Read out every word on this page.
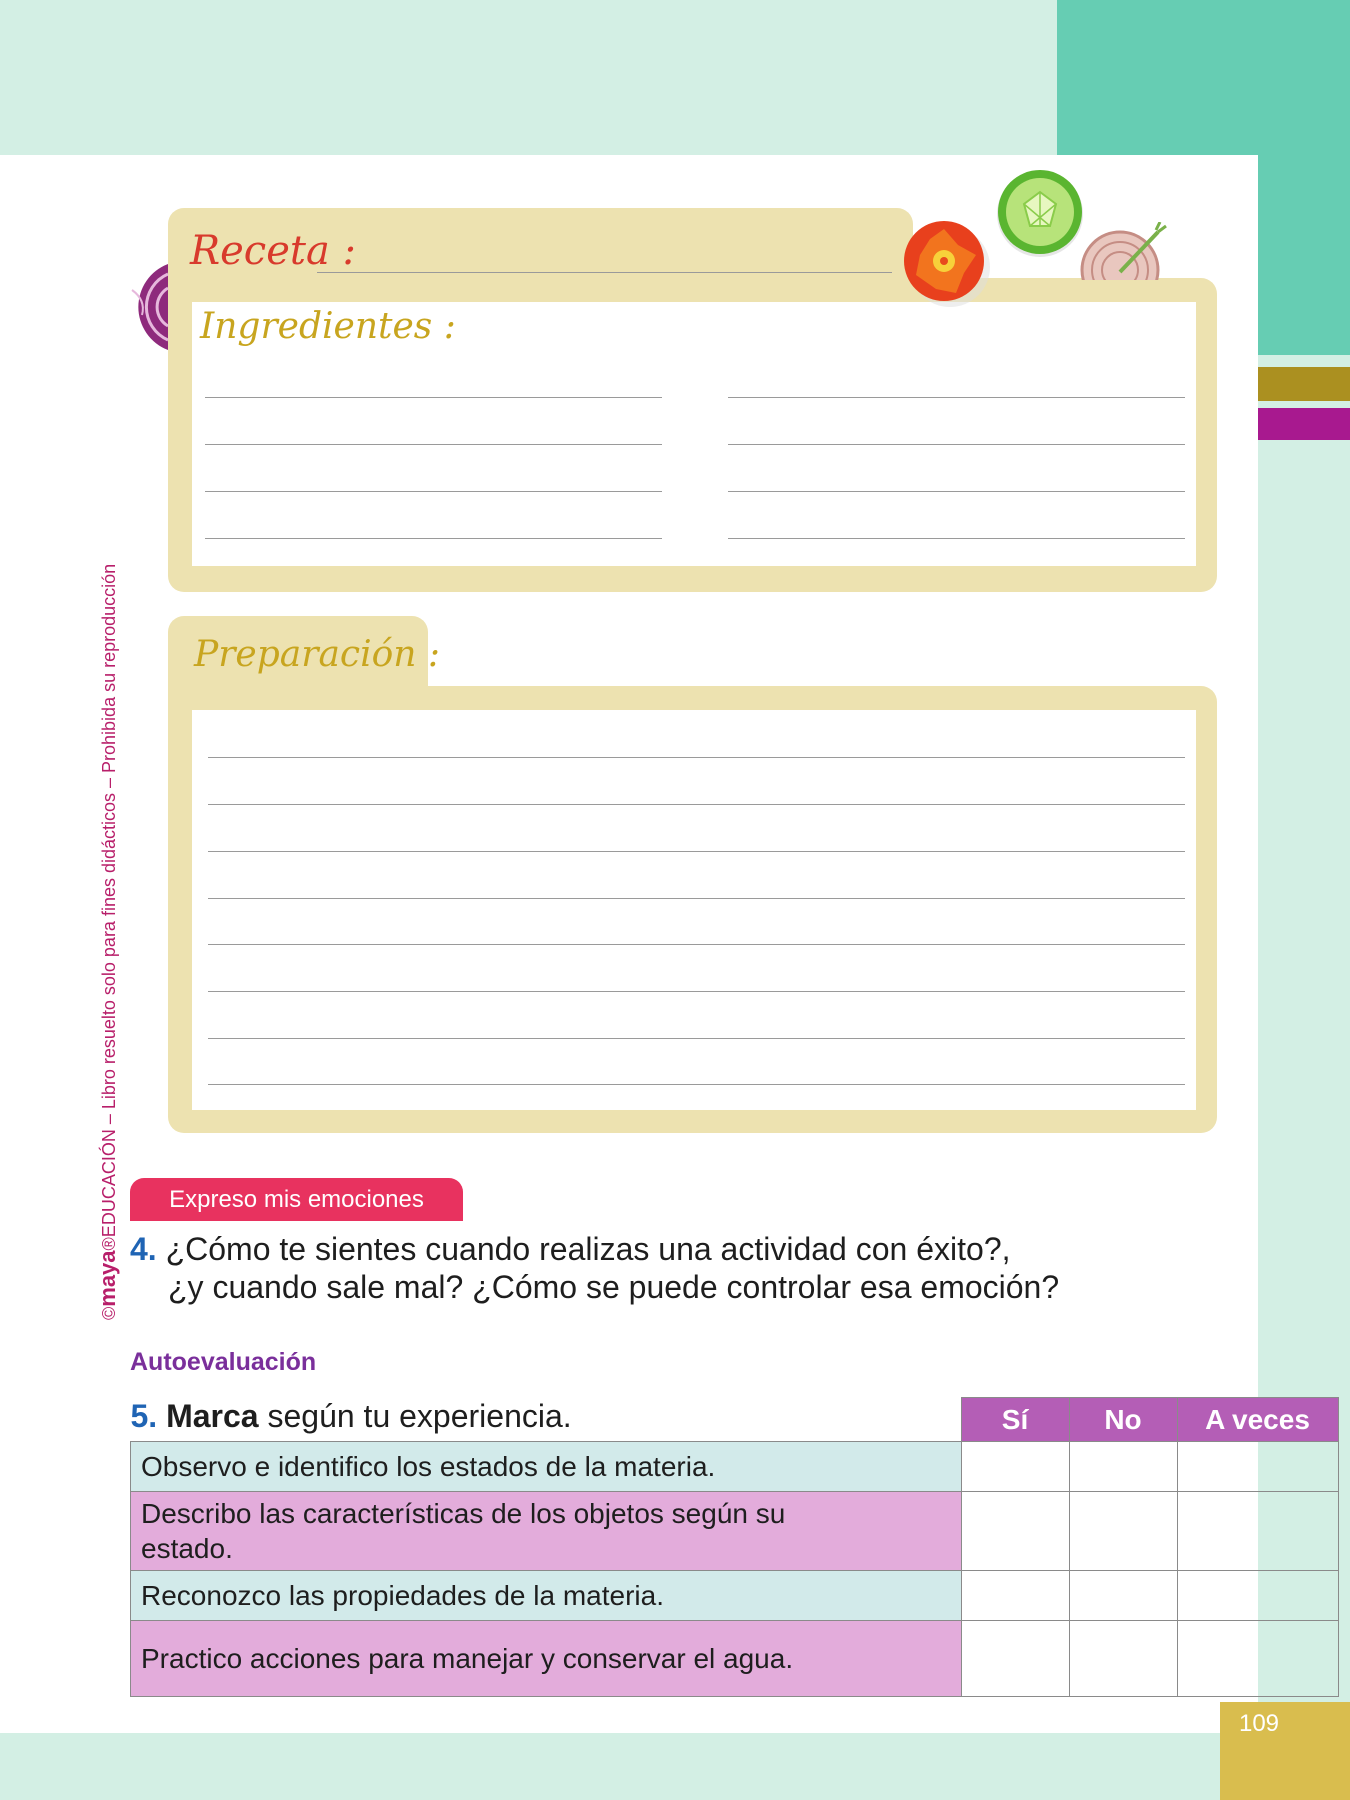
109
©maya®EDUCACIÓN – Libro resuelto solo para fines didácticos – Prohibida su reproducción
Receta :
Ingredientes :
Preparación :
Expreso mis emociones
4. ¿Cómo te sientes cuando realizas una actividad con éxito?,
¿y cuando sale mal? ¿Cómo se puede controlar esa emoción?
Autoevaluación
5. Marca según tu experiencia.	Sí	No	A veces
Observo e identifico los estados de la materia.			
Describo las características de los objetos según su estado.			
Reconozco las propiedades de la materia.			
Practico acciones para manejar y conservar el agua.			
